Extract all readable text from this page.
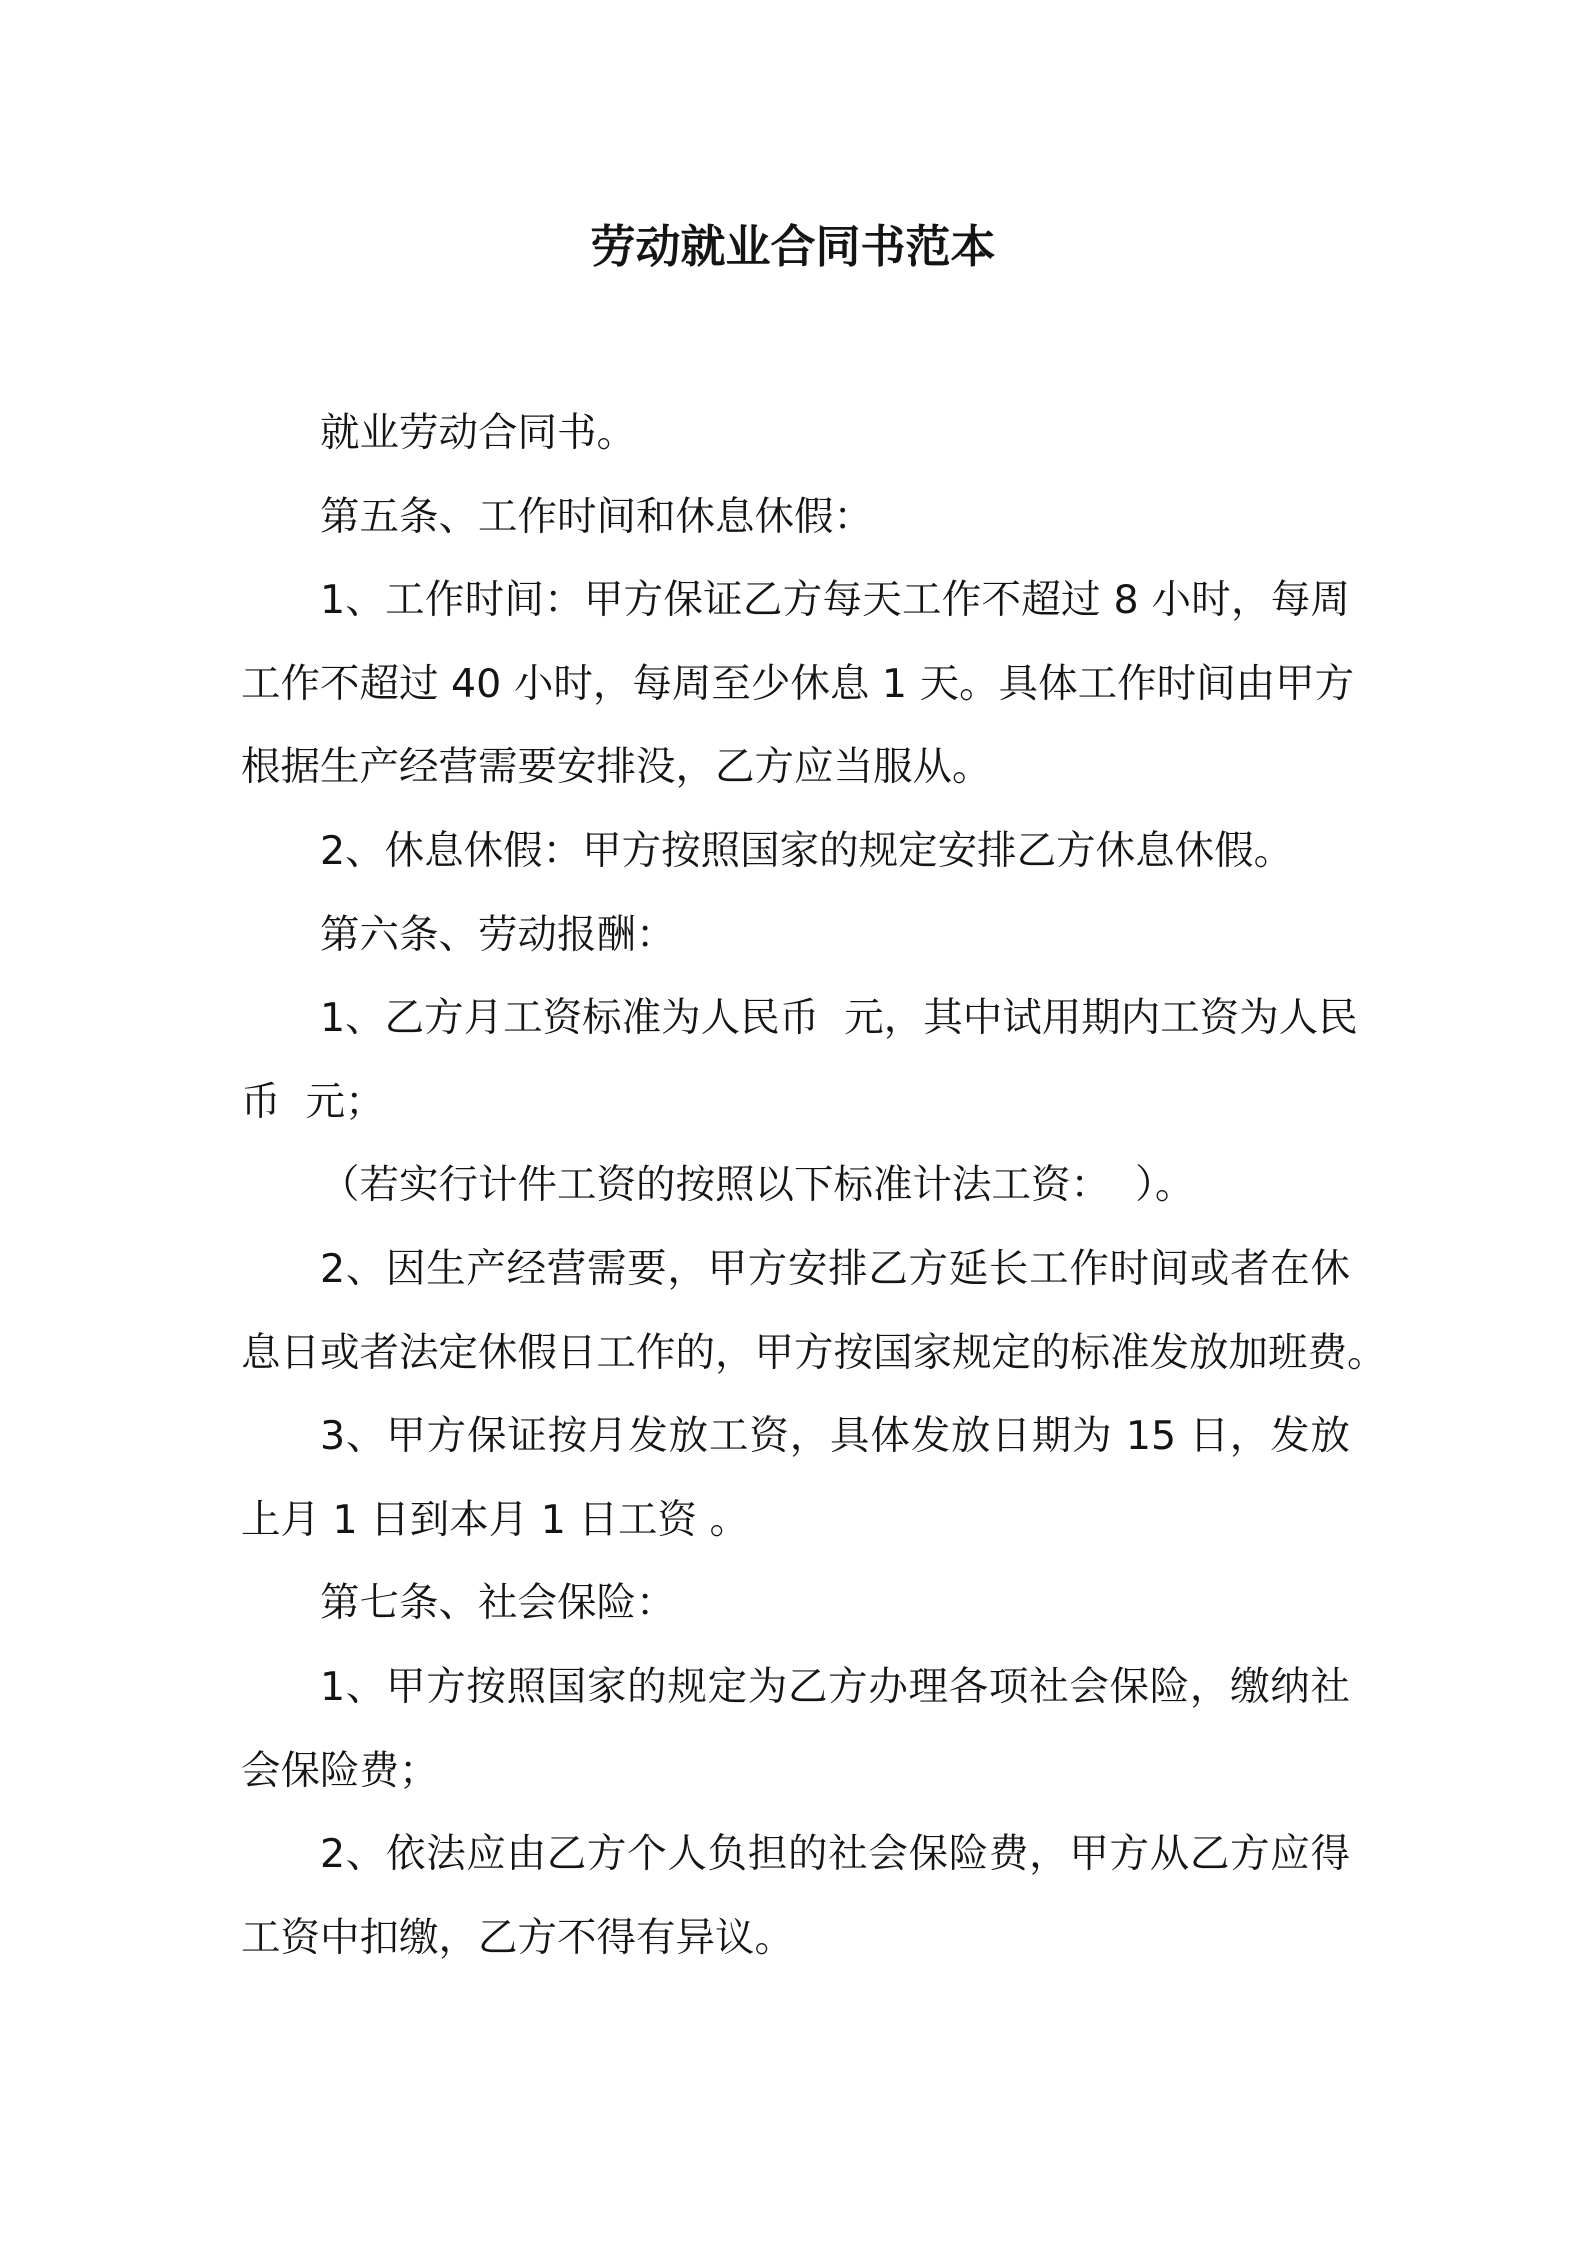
劳动就业合同书范本
就业劳动合同书。
第五条、工作时间和休息休假：
1、工作时间：甲方保证乙方每天工作不超过 8 小时，每周
工作不超过 40 小时，每周至少休息 1 天。具体工作时间由甲方
根据生产经营需要安排没，乙方应当服从。
2、休息休假：甲方按照国家的规定安排乙方休息休假。
第六条、劳动报酬：
1、乙方月工资标准为人民币  元，其中试用期内工资为人民
币  元；
（若实行计件工资的按照以下标准计法工资：  ）。
2、因生产经营需要，甲方安排乙方延长工作时间或者在休
息日或者法定休假日工作的，甲方按国家规定的标准发放加班费。
3、甲方保证按月发放工资，具体发放日期为 15 日，发放
上月 1 日到本月 1 日工资 。
第七条、社会保险：
1、甲方按照国家的规定为乙方办理各项社会保险，缴纳社
会保险费；
2、依法应由乙方个人负担的社会保险费，甲方从乙方应得
工资中扣缴，乙方不得有异议。
